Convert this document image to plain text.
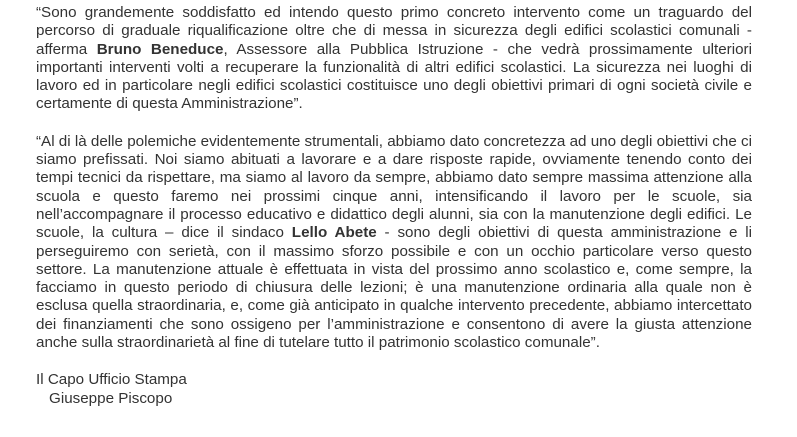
“Sono grandemente soddisfatto ed intendo questo primo concreto intervento come un traguardo del percorso di graduale riqualificazione oltre che di messa in sicurezza degli edifici scolastici comunali - afferma Bruno Beneduce, Assessore alla Pubblica Istruzione - che vedrà prossimamente ulteriori importanti interventi volti a recuperare la funzionalità di altri edifici scolastici. La sicurezza nei luoghi di lavoro ed in particolare negli edifici scolastici costituisce uno degli obiettivi primari di ogni società civile e certamente di questa Amministrazione”.

“Al di là delle polemiche evidentemente strumentali, abbiamo dato concretezza ad uno degli obiettivi che ci siamo prefissati. Noi siamo abituati a lavorare e a dare risposte rapide, ovviamente tenendo conto dei tempi tecnici da rispettare, ma siamo al lavoro da sempre, abbiamo dato sempre massima attenzione alla scuola e questo faremo nei prossimi cinque anni, intensificando il lavoro per le scuole, sia nell’accompagnare il processo educativo e didattico degli alunni, sia con la manutenzione degli edifici. Le scuole, la cultura – dice il sindaco Lello Abete - sono degli obiettivi di questa amministrazione e li perseguiremo con serietà, con il massimo sforzo possibile e con un occhio particolare verso questo settore. La manutenzione attuale è effettuata in vista del prossimo anno scolastico e, come sempre, la facciamo in questo periodo di chiusura delle lezioni; è una manutenzione ordinaria alla quale non è esclusa quella straordinaria, e, come già anticipato in qualche intervento precedente, abbiamo intercettato dei finanziamenti che sono ossigeno per l’amministrazione e consentono di avere la giusta attenzione anche sulla straordinarietà al fine di tutelare tutto il patrimonio scolastico comunale”.

Il Capo Ufficio Stampa
Giuseppe Piscopo
